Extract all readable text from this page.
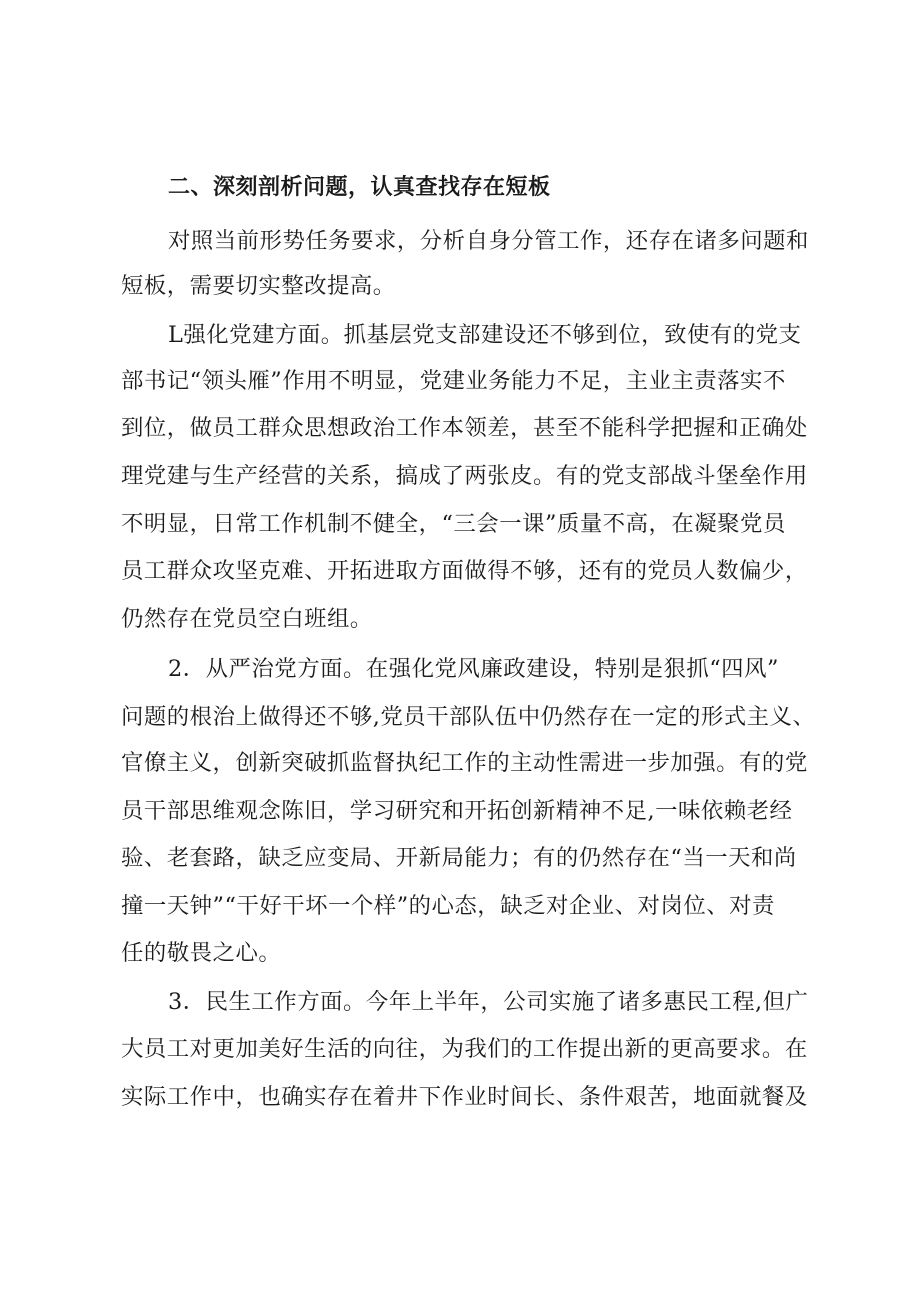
二、深刻剖析问题，认真查找存在短板

对照当前形势任务要求，分析自身分管工作，还存在诸多问题和

短板，需要切实整改提高。

L强化党建方面。抓基层党支部建设还不够到位，致使有的党支

部书记“领头雁”作用不明显，党建业务能力不足，主业主责落实不

到位，做员工群众思想政治工作本领差，甚至不能科学把握和正确处

理党建与生产经营的关系，搞成了两张皮。有的党支部战斗堡垒作用

不明显，日常工作机制不健全，“三会一课”质量不高，在凝聚党员

员工群众攻坚克难、开拓进取方面做得不够，还有的党员人数偏少，

仍然存在党员空白班组。

2．从严治党方面。在强化党风廉政建设，特别是狠抓“四风”

问题的根治上做得还不够,党员干部队伍中仍然存在一定的形式主义、

官僚主义，创新突破抓监督执纪工作的主动性需进一步加强。有的党

员干部思维观念陈旧，学习研究和开拓创新精神不足,一味依赖老经

验、老套路，缺乏应变局、开新局能力；有的仍然存在“当一天和尚

撞一天钟”“干好干坏一个样”的心态，缺乏对企业、对岗位、对责

任的敬畏之心。

3．民生工作方面。今年上半年，公司实施了诸多惠民工程,但广

大员工对更加美好生活的向往，为我们的工作提出新的更高要求。在

实际工作中，也确实存在着井下作业时间长、条件艰苦，地面就餐及
